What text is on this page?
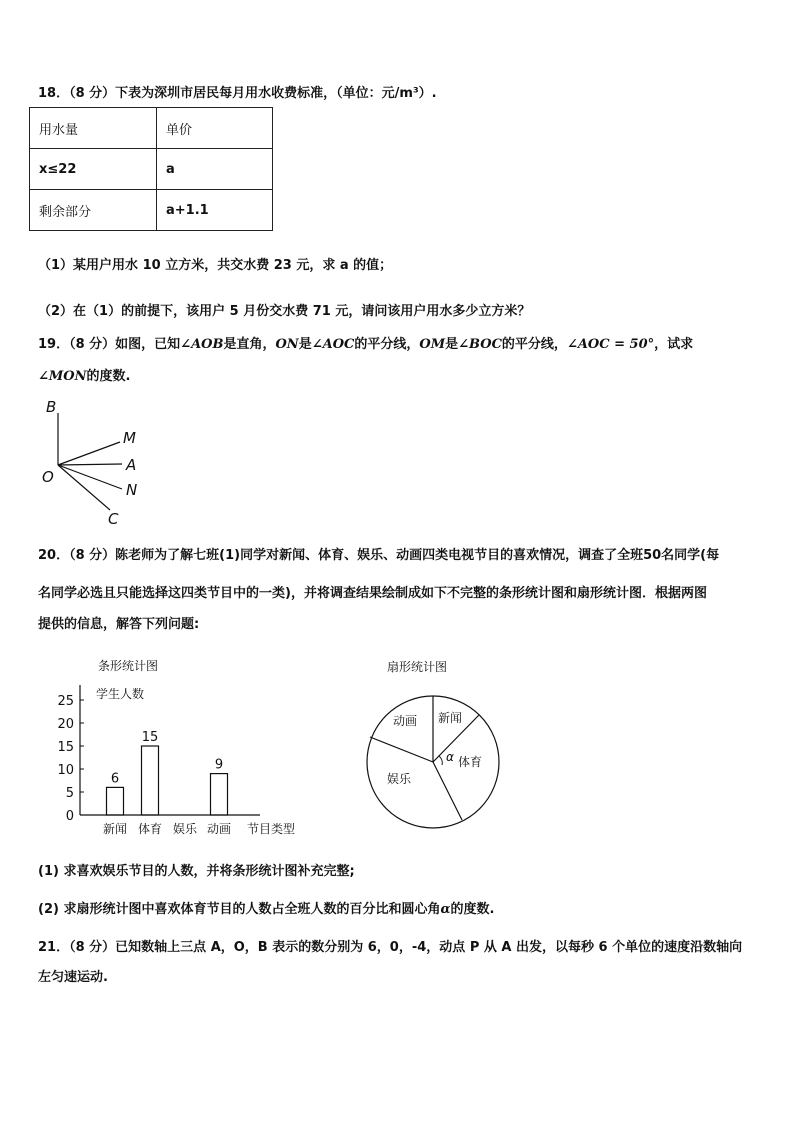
18．（8 分）下表为深圳市居民每月用水收费标准，（单位：元/m³）.
用水量	单价
x≤22	a
剩余部分	a+1.1
（1）某用户用水 10 立方米，共交水费 23 元，求 a 的值；
（2）在（1）的前提下，该用户 5 月份交水费 71 元，请问该用户用水多少立方米？
19．（8 分）如图，已知∠AOB是直角，ON是∠AOC的平分线，OM是∠BOC的平分线，∠AOC = 50°，试求
∠MON的度数.
B
M
A
O
N
C
20．（8 分）陈老师为了解七班(1)同学对新闻、体育、娱乐、动画四类电视节目的喜欢情况，调查了全班50名同学(每
名同学必选且只能选择这四类节目中的一类)，并将调查结果绘制成如下不完整的条形统计图和扇形统计图．根据两图
提供的信息，解答下列问题:
条形统计图
学生人数
0
5
10
15
20
25
6
15
9
新闻 体育 娱乐 动画 节目类型
扇形统计图
α
动画 新闻
体育
娱乐
(1) 求喜欢娱乐节目的人数，并将条形统计图补充完整;
(2) 求扇形统计图中喜欢体育节目的人数占全班人数的百分比和圆心角α的度数.
21．（8 分）已知数轴上三点 A，O，B 表示的数分别为 6，0，-4，动点 P 从 A 出发，以每秒 6 个单位的速度沿数轴向
左匀速运动.
